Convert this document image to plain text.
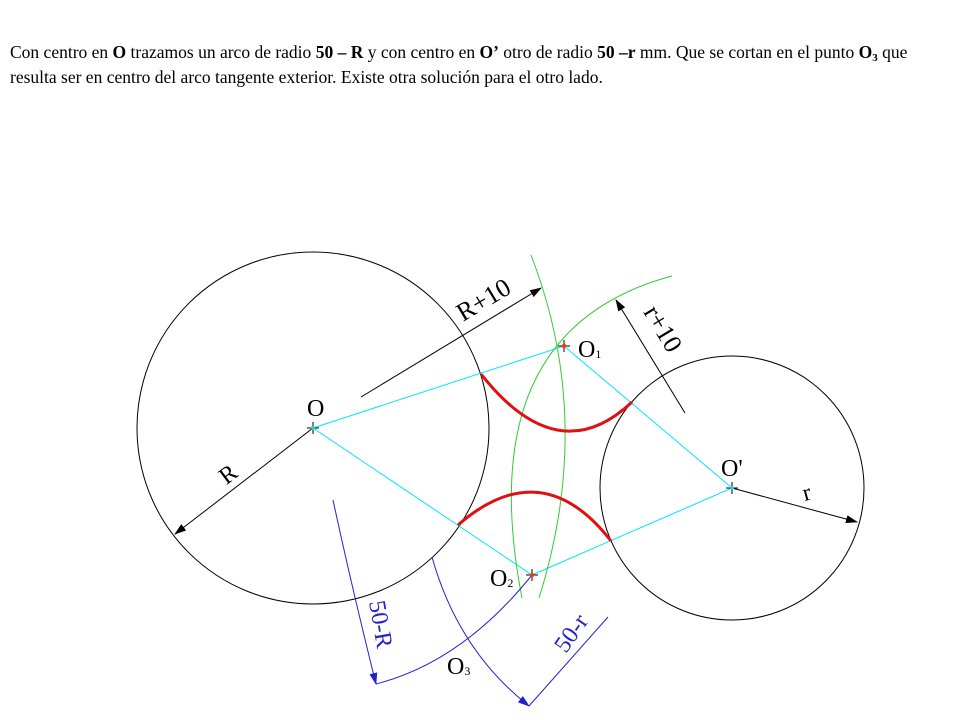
Con centro en O trazamos un arco de radio 50 – R y con centro en O’ otro de radio 50 –r mm. Que se cortan en el punto $O_3$ que resulta ser en centro del arco tangente exterior. Existe otra solución para el otro lado.
O
O'
r
R
R+10
r+10
O1
O2
O3
50-R	50-r
